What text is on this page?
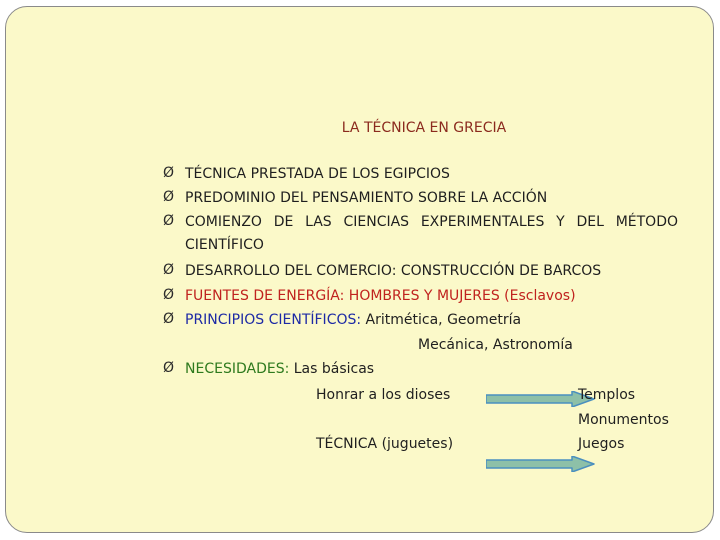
LA TÉCNICA EN GRECIA
Ø TÉCNICA PRESTADA DE LOS EGIPCIOS
Ø PREDOMINIO DEL PENSAMIENTO SOBRE LA ACCIÓN
Ø COMIENZO DE LAS CIENCIAS EXPERIMENTALES Y DEL MÉTODO
CIENTÍFICO
Ø DESARROLLO DEL COMERCIO: CONSTRUCCIÓN DE BARCOS
Ø FUENTES DE ENERGÍA: HOMBRES Y MUJERES (Esclavos)
Ø PRINCIPIOS CIENTÍFICOS: Aritmética, Geometría
Mecánica, Astronomía
Ø NECESIDADES: Las básicas
Honrar a los dioses	Templos
Monumentos
TÉCNICA (juguetes)	Juegos
